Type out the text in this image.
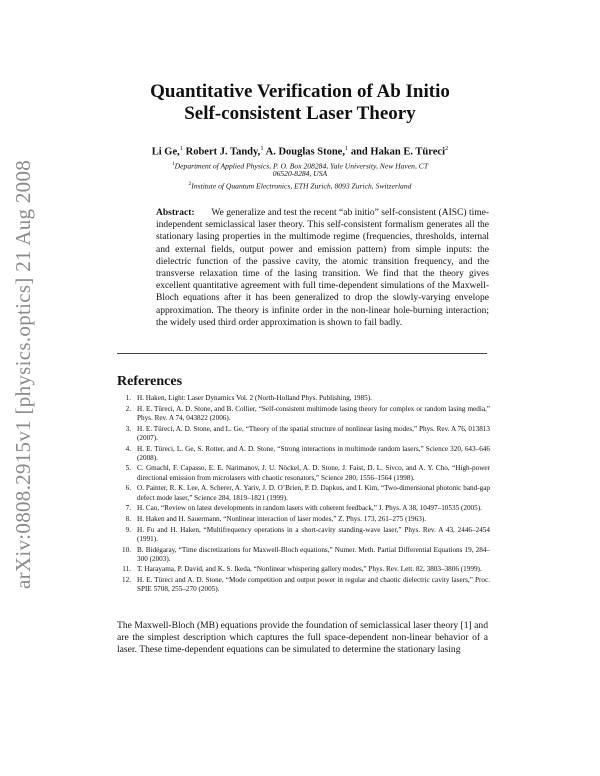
arXiv:0808.2915v1 [physics.optics] 21 Aug 2008
Quantitative Verification of Ab Initio
Self-consistent Laser Theory
Li Ge,$^1$ Robert J. Tandy,$^1$ A. Douglas Stone,$^1$ and Hakan E. Türeci$^2$
$^1$Department of Applied Physics, P. O. Box 208284, Yale University, New Haven, CT
06520-8284, USA
$^2$Institute of Quantum Electronics, ETH Zurich, 8093 Zurich, Switzerland
Abstract: We generalize and test the recent “ab initio” self-consistent (AISC) time-independent semiclassical laser theory. This self-consistent formalism generates all the stationary lasing properties in the multimode regime (frequencies, thresholds, internal and external fields, output power and emission pattern) from simple inputs: the dielectric function of the passive cavity, the atomic transition frequency, and the transverse relaxation time of the lasing transition. We find that the theory gives excellent quantitative agreement with full time-dependent simulations of the Maxwell-Bloch equations after it has been generalized to drop the slowly-varying envelope approximation. The theory is infinite order in the non-linear hole-burning interaction; the widely used third order approximation is shown to fail badly.
References
1. H. Haken, Light: Laser Dynamics Vol. 2 (North-Holland Phys. Publishing, 1985).
2. H. E. Türeci, A. D. Stone, and B. Collier, “Self-consistent multimode lasing theory for complex or random lasing media,” Phys. Rev. A 74, 043822 (2006).
3. H. E. Türeci, A. D. Stone, and L. Ge, “Theory of the spatial structure of nonlinear lasing modes,” Phys. Rev. A 76, 013813 (2007).
4. H. E. Türeci, L. Ge, S. Rotter, and A. D. Stone, “Strong interactions in multimode random lasers,” Science 320, 643–646 (2008).
5. C. Gmachl, F. Capasso, E. E. Narimanov, J. U. Nöckel, A. D. Stone, J. Faist, D. L. Sivco, and A. Y. Cho, “High-power directional emission from microlasers with chaotic resonators,” Science 280, 1556–1564 (1998).
6. O. Painter, R. K. Lee, A. Scherer, A. Yariv, J. D. O’Brien, P. D. Dapkus, and I. Kim, “Two-dimensional photonic band-gap defect mode laser,” Science 284, 1819–1821 (1999).
7. H. Cao, “Review on latest developments in random lasers with coherent feedback,” J. Phys. A 38, 10497–10535 (2005).
8. H. Haken and H. Sauermann, “Nonlinear interaction of laser modes,” Z. Phys. 173, 261–275 (1963).
9. H. Fu and H. Haken, “Multifrequency operations in a short-cavity standing-wave laser,” Phys. Rev. A 43, 2446–2454 (1991).
10. B. Bidégaray, “Time discretizations for Maxwell-Bloch equations,” Numer. Meth. Partial Differential Equations 19, 284–300 (2003).
11. T. Harayama, P. David, and K. S. Ikeda, “Nonlinear whispering gallery modes,” Phys. Rev. Lett. 82, 3803–3806 (1999).
12. H. E. Türeci and A. D. Stone, “Mode competition and output power in regular and chaotic dielectric cavity lasers,” Proc. SPIE 5708, 255–270 (2005).
The Maxwell-Bloch (MB) equations provide the foundation of semiclassical laser theory [1] and are the simplest description which captures the full space-dependent non-linear behavior of a laser. These time-dependent equations can be simulated to determine the stationary lasing
